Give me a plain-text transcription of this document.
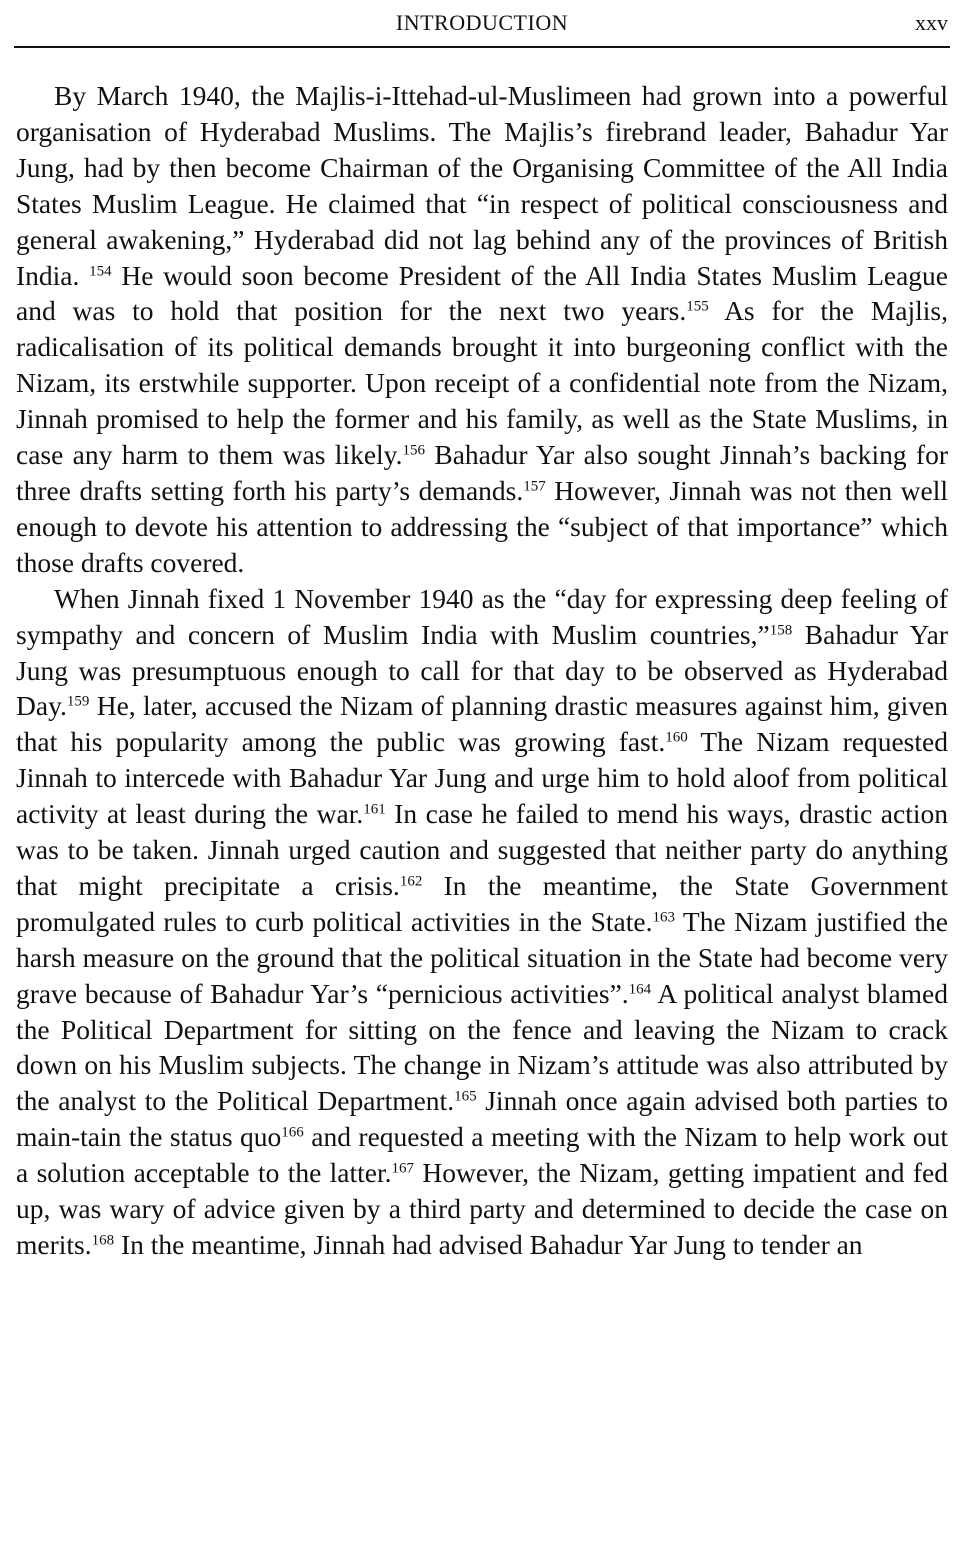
INTRODUCTION	xxv

By March 1940, the Majlis-i-Ittehad-ul-Muslimeen had grown into a powerful organisation of Hyderabad Muslims. The Majlis’s firebrand leader, Bahadur Yar Jung, had by then become Chairman of the Organising Committee of the All India States Muslim League. He claimed that “in respect of political consciousness and general awakening,” Hyderabad did not lag behind any of the provinces of British India. $^{154}$ He would soon become President of the All India States Muslim League and was to hold that position for the next two years.$^{155}$ As for the Majlis, radicalisation of its political demands brought it into burgeoning conflict with the Nizam, its erstwhile supporter. Upon receipt of a confidential note from the Nizam, Jinnah promised to help the former and his family, as well as the State Muslims, in case any harm to them was likely.$^{156}$ Bahadur Yar also sought Jinnah’s backing for three drafts setting forth his party’s demands.$^{157}$ However, Jinnah was not then well enough to devote his attention to addressing the “subject of that importance” which those drafts covered.

When Jinnah fixed 1 November 1940 as the “day for expressing deep feeling of sympathy and concern of Muslim India with Muslim countries,”$^{158}$ Bahadur Yar Jung was presumptuous enough to call for that day to be observed as Hyderabad Day.$^{159}$ He, later, accused the Nizam of planning drastic measures against him, given that his popularity among the public was growing fast.$^{160}$ The Nizam requested Jinnah to intercede with Bahadur Yar Jung and urge him to hold aloof from political activity at least during the war.$^{161}$ In case he failed to mend his ways, drastic action was to be taken. Jinnah urged caution and suggested that neither party do anything that might precipitate a crisis.$^{162}$ In the meantime, the State Government promulgated rules to curb political activities in the State.$^{163}$ The Nizam justified the harsh measure on the ground that the political situation in the State had become very grave because of Bahadur Yar’s “pernicious activities”.$^{164}$ A political analyst blamed the Political Department for sitting on the fence and leaving the Nizam to crack down on his Muslim subjects. The change in Nizam’s attitude was also attributed by the analyst to the Political Department.$^{165}$ Jinnah once again advised both parties to main-tain the status quo$^{166}$ and requested a meeting with the Nizam to help work out a solution acceptable to the latter.$^{167}$ However, the Nizam, getting impatient and fed up, was wary of advice given by a third party and determined to decide the case on merits.$^{168}$ In the meantime, Jinnah had advised Bahadur Yar Jung to tender an
